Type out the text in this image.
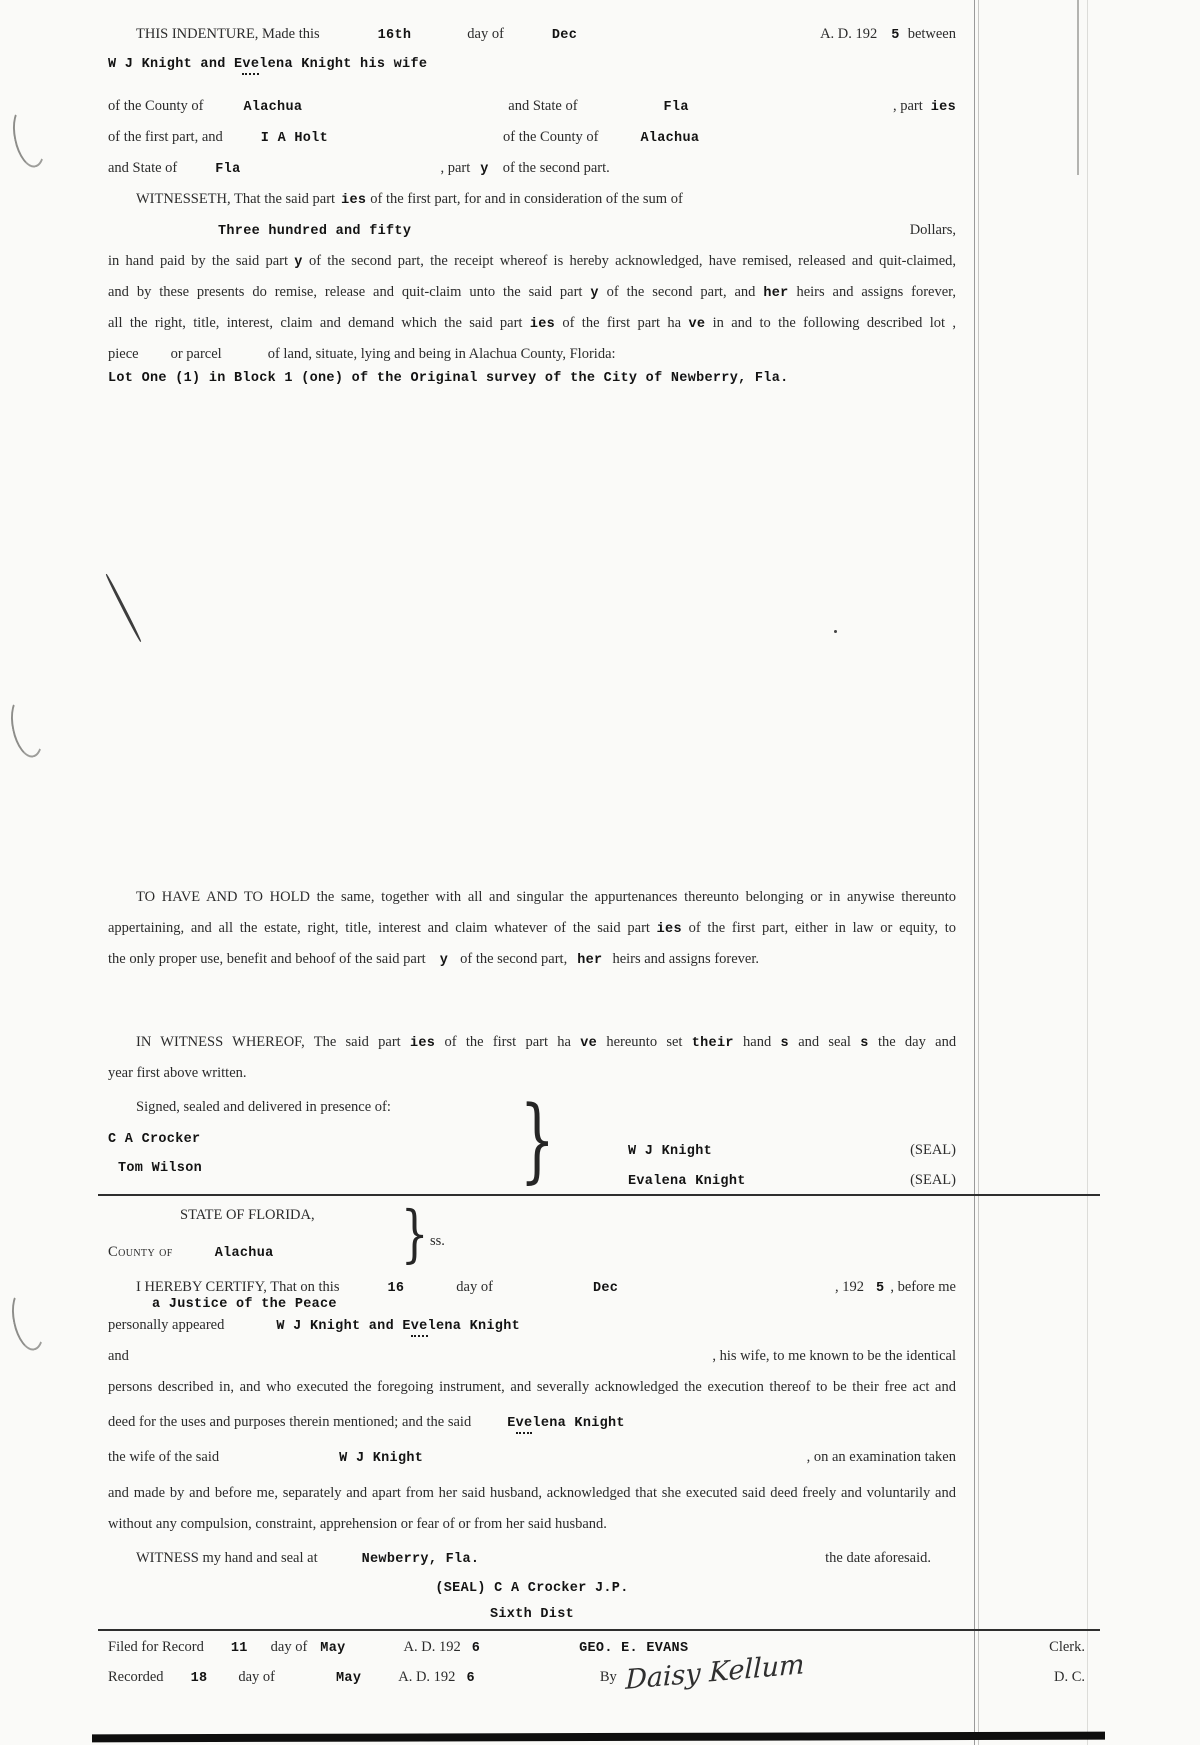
THIS INDENTURE, Made this	16th	day of	Dec	A. D. 192 5 between
W J Knight and E ve lena Knight his wife
of the County of	Alachua	and State of	Fla	, part ies
of the first part, and	I A Holt	of the County of	Alachua
and State of	Fla	, part y of the second part.
WITNESSETH, That the said part ies of the first part, for and in consideration of the sum of
Three hundred and fifty	Dollars,
in hand paid by the said part y of the second part, the receipt whereof is hereby acknowledged, have remised, released and quit-claimed,
and by these presents do remise, release and quit-claim unto the said part y of the second part, and her heirs and assigns forever,
all the right, title, interest, claim and demand which the said part ies of the first part ha ve in and to the following described lot ,
piece or parcel	of land, situate, lying and being in Alachua County, Florida:
Lot One (1) in Block 1 (one) of the Original survey of the City of Newberry, Fla.
TO HAVE AND TO HOLD the same, together with all and singular the appurtenances thereunto belonging or in anywise thereunto
appertaining, and all the estate, right, title, interest and claim whatever of the said part ies of the first part, either in law or equity, to
the only proper use, benefit and behoof of the said part y of the second part, her heirs and assigns forever.
IN WITNESS WHEREOF, The said part ies of the first part ha ve hereunto set their hand s and seal s the day and
year first above written.
Signed, sealed and delivered in presence of:
C A Crocker
Tom Wilson	}	W J Knight	(SEAL)
Evalena Knight	(SEAL)
STATE OF FLORIDA,
County of	Alachua } ss.
I HEREBY CERTIFY, That on this	16	day of	Dec	, 192 5 , before me
a Justice of the Peace
personally appeared	W J Knight and E ve lena Knight
and	, his wife, to me known to be the identical
persons described in, and who executed the foregoing instrument, and severally acknowledged the execution thereof to be their free act and
deed for the uses and purposes therein mentioned; and the said	E ve lena Knight
the wife of the said	W J Knight	, on an examination taken
and made by and before me, separately and apart from her said husband, acknowledged that she executed said deed freely and voluntarily and
without any compulsion, constraint, apprehension or fear of or from her said husband.
WITNESS my hand and seal at	Newberry, Fla.	the date aforesaid.
(SEAL) C A Crocker J.P.
Sixth Dist
Filed for Record 11 day of May	A. D. 192 6	GEO. E. EVANS	Clerk.
Recorded 18 day of	May	A. D. 192 6	By Daisy Kellum	D. C.
